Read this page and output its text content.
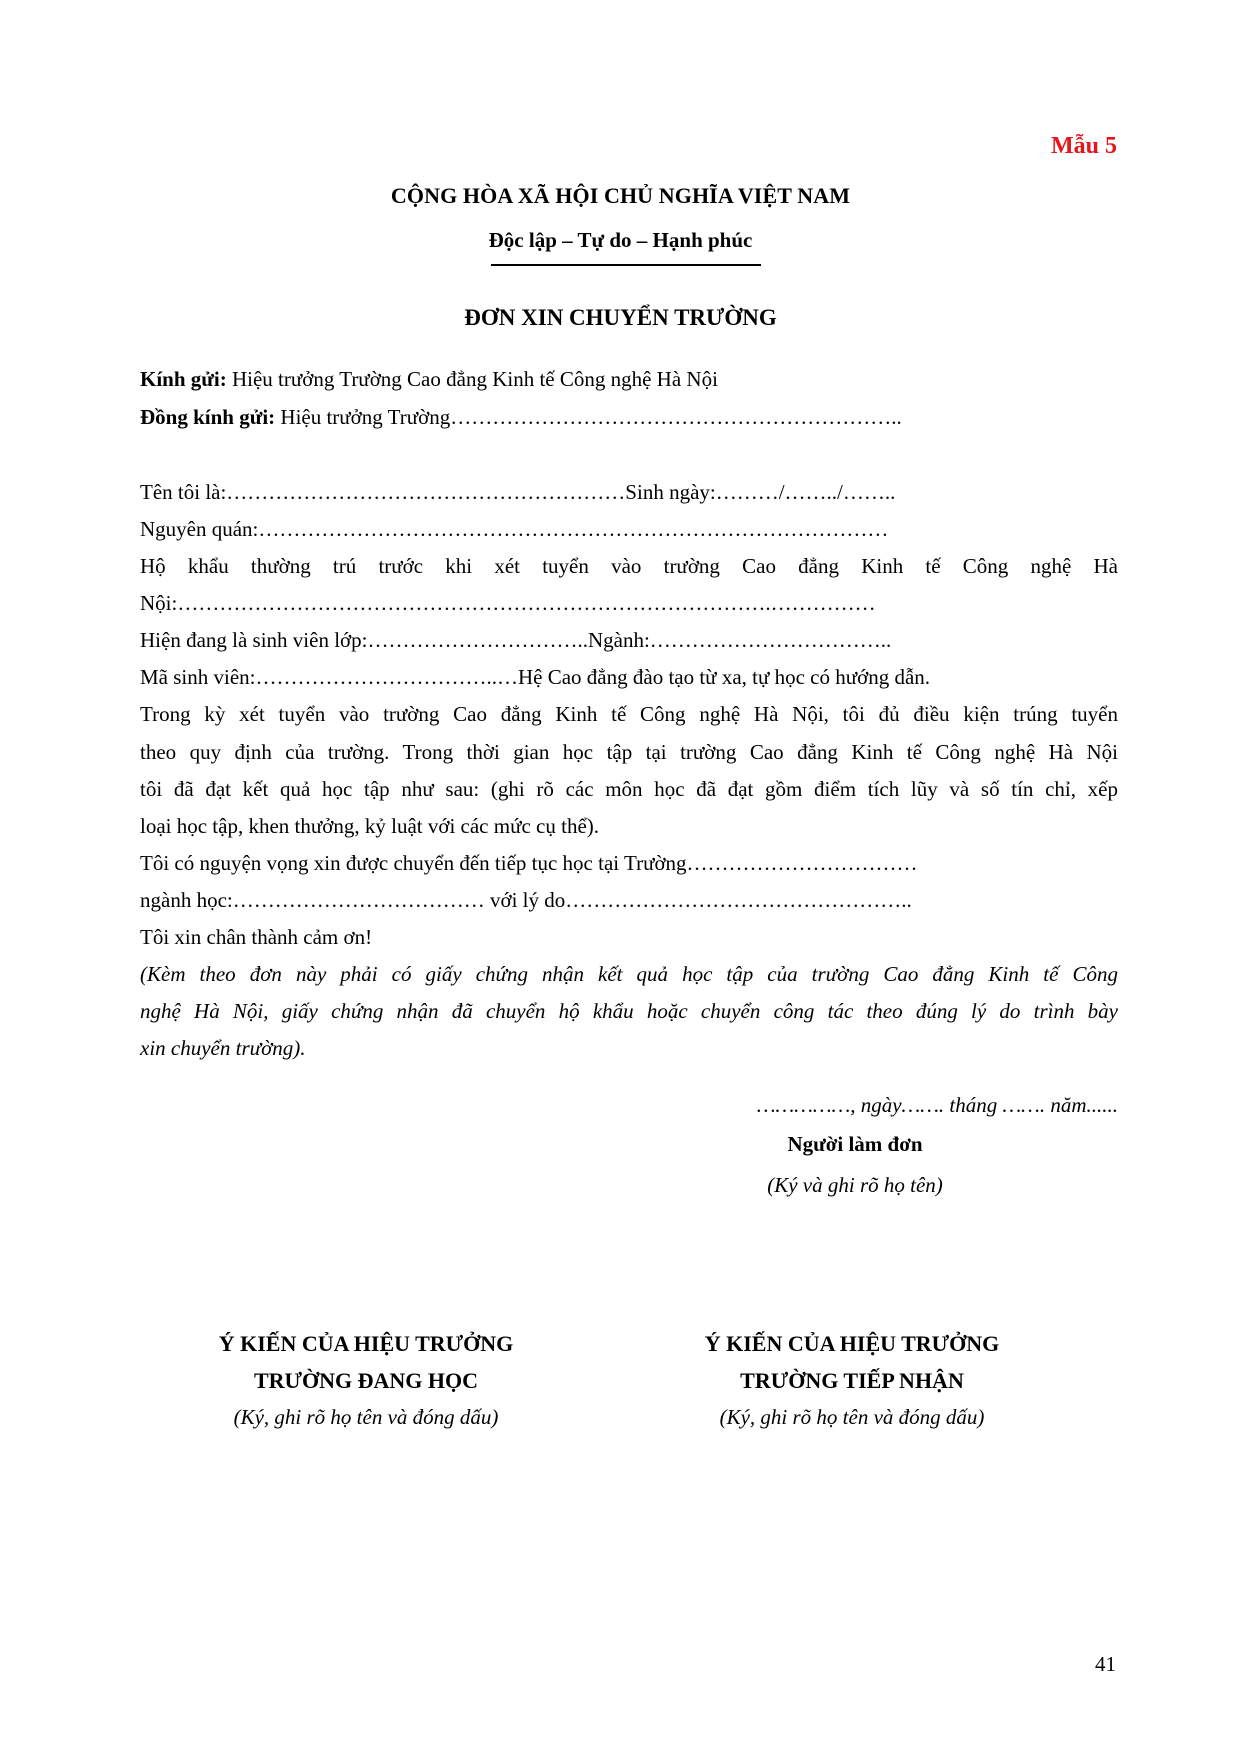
Mẫu 5
CỘNG HÒA XÃ HỘI CHỦ NGHĨA VIỆT NAM
Độc lập – Tự do – Hạnh phúc
ĐƠN XIN CHUYỂN TRƯỜNG
Kính gửi: Hiệu trưởng Trường Cao đẳng Kinh tế Công nghệ Hà Nội
Đồng kính gửi: Hiệu trưởng Trường………………………………………………………..
Tên tôi là:…………………………………………………Sinh ngày:………/……../……..
Nguyên quán:………………………………………………………………………………
Hộ khẩu thường trú trước khi xét tuyển vào trường Cao đẳng Kinh tế Công nghệ Hà
Nội:………………………………………………………………………….……………
Hiện đang là sinh viên lớp:…………………………..Ngành:……………………………..
Mã sinh viên:……………………………..…Hệ Cao đẳng đào tạo từ xa, tự học có hướng dẫn.
Trong kỳ xét tuyển vào trường Cao đẳng Kinh tế Công nghệ Hà Nội, tôi đủ điều kiện trúng tuyển
theo quy định của trường. Trong thời gian học tập tại trường Cao đẳng Kinh tế Công nghệ Hà Nội
tôi đã đạt kết quả học tập như sau: (ghi rõ các môn học đã đạt gồm điểm tích lũy và số tín chỉ, xếp
loại học tập, khen thưởng, kỷ luật với các mức cụ thể).
Tôi có nguyện vọng xin được chuyển đến tiếp tục học tại Trường……………………………
ngành học:……………………………… với lý do…………………………………………..
Tôi xin chân thành cảm ơn!
(Kèm theo đơn này phải có giấy chứng nhận kết quả học tập của trường Cao đẳng Kinh tế Công
nghệ Hà Nội, giấy chứng nhận đã chuyển hộ khẩu hoặc chuyển công tác theo đúng lý do trình bày
xin chuyển trường).
……………, ngày……. tháng ……. năm......
Người làm đơn
(Ký và ghi rõ họ tên)
Ý KIẾN CỦA HIỆU TRƯỞNG
TRƯỜNG ĐANG HỌC
(Ký, ghi rõ họ tên và đóng dấu)
Ý KIẾN CỦA HIỆU TRƯỞNG
TRƯỜNG TIẾP NHẬN
(Ký, ghi rõ họ tên và đóng dấu)
41
